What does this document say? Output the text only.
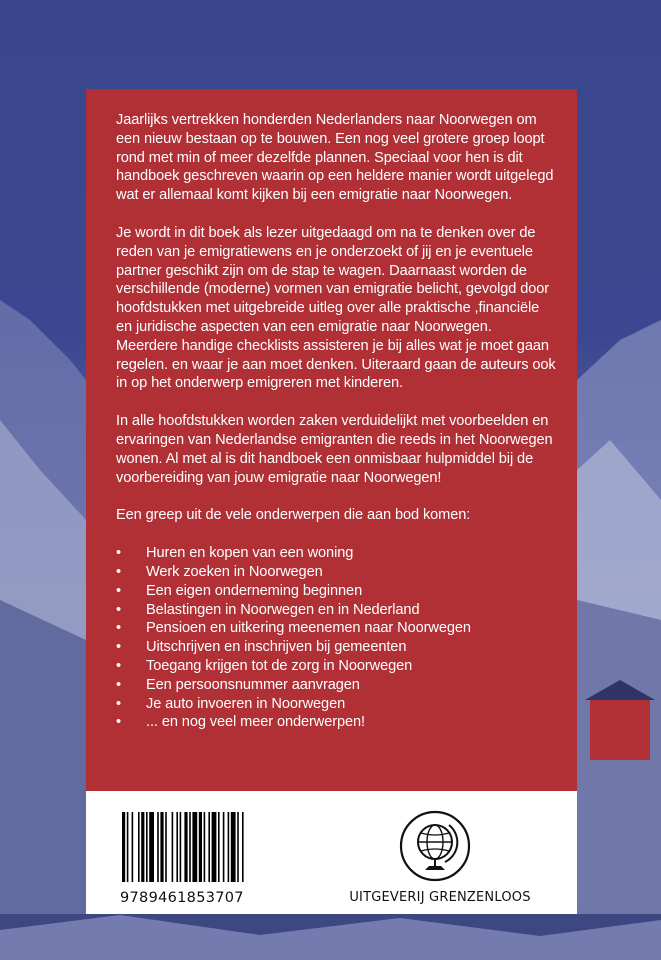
Jaarlijks vertrekken honderden Nederlanders naar Noorwegen om een nieuw bestaan op te bouwen. Een nog veel grotere groep loopt rond met min of meer dezelfde plannen. Speciaal voor hen is dit handboek geschreven waarin op een heldere manier wordt uitgelegd wat er allemaal komt kijken bij een emigratie naar Noorwegen.

Je wordt in dit boek als lezer uitgedaagd om na te denken over de reden van je emigratiewens en je onderzoekt of jij en je eventuele partner geschikt zijn om de stap te wagen. Daarnaast worden de verschillende (moderne) vormen van emigratie belicht, gevolgd door hoofdstukken met uitgebreide uitleg over alle praktische ,financiële en juridische aspecten van een emigratie naar Noorwegen. Meerdere handige checklists assisteren je bij alles wat je moet gaan regelen. en waar je aan moet denken. Uiteraard gaan de auteurs ook in op het onderwerp emigreren met kinderen.

In alle hoofdstukken worden zaken verduidelijkt met voorbeelden en ervaringen van Nederlandse emigranten die reeds in het Noorwegen wonen. Al met al is dit handboek een onmisbaar hulpmiddel bij de voorbereiding van jouw emigratie naar Noorwegen!

Een greep uit de vele onderwerpen die aan bod komen:

• Huren en kopen van een woning
• Werk zoeken in Noorwegen
• Een eigen onderneming beginnen
• Belastingen in Noorwegen en in Nederland
• Pensioen en uitkering meenemen naar Noorwegen
• Uitschrijven en inschrijven bij gemeenten
• Toegang krijgen tot de zorg in Noorwegen
• Een persoonsnummer aanvragen
• Je auto invoeren in Noorwegen
• ... en nog veel meer onderwerpen!
9789461853707	UITGEVERIJ GRENZENLOOS
